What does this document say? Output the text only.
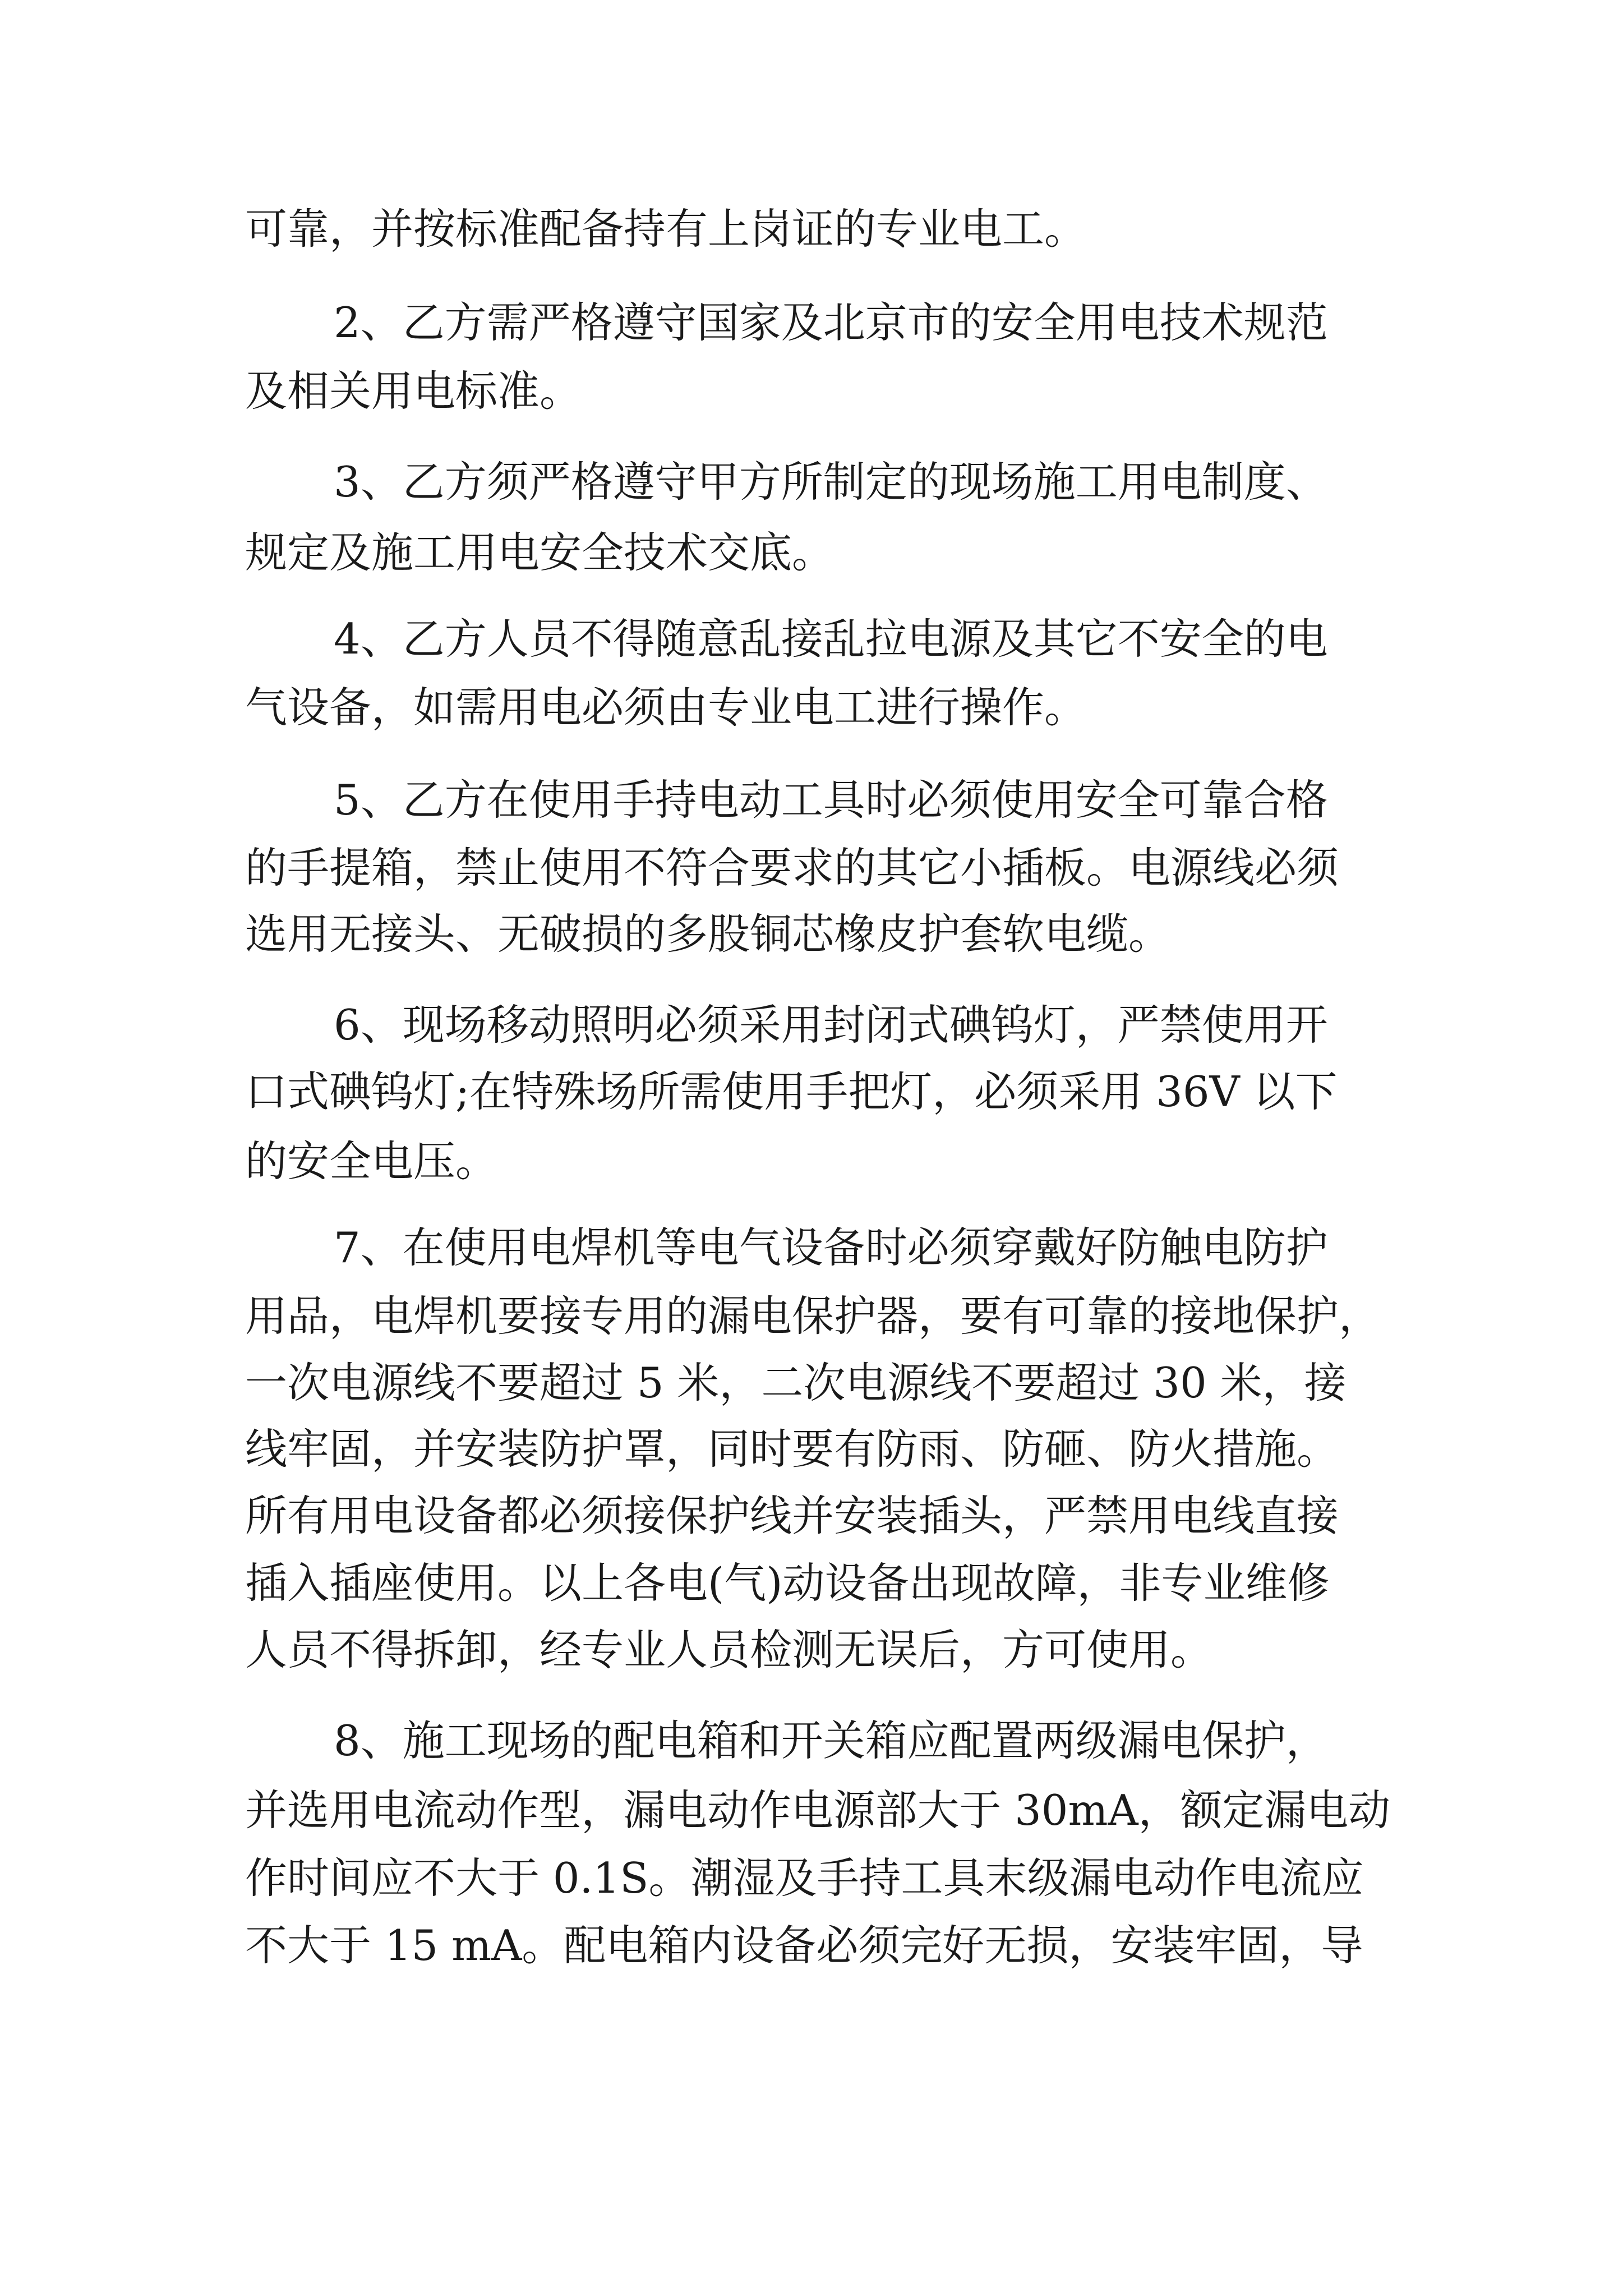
可靠，并按标准配备持有上岗证的专业电工。

2、乙方需严格遵守国家及北京市的安全用电技术规范

及相关用电标准。

3、乙方须严格遵守甲方所制定的现场施工用电制度、

规定及施工用电安全技术交底。

4、乙方人员不得随意乱接乱拉电源及其它不安全的电

气设备，如需用电必须由专业电工进行操作。

5、乙方在使用手持电动工具时必须使用安全可靠合格

的手提箱，禁止使用不符合要求的其它小插板。电源线必须

选用无接头、无破损的多股铜芯橡皮护套软电缆。

6、现场移动照明必须采用封闭式碘钨灯，严禁使用开

口式碘钨灯;在特殊场所需使用手把灯，必须采用 36V 以下

的安全电压。

7、在使用电焊机等电气设备时必须穿戴好防触电防护

用品，电焊机要接专用的漏电保护器，要有可靠的接地保护，

一次电源线不要超过 5 米，二次电源线不要超过 30 米，接

线牢固，并安装防护罩，同时要有防雨、防砸、防火措施。

所有用电设备都必须接保护线并安装插头，严禁用电线直接

插入插座使用。以上各电(气)动设备出现故障，非专业维修

人员不得拆卸，经专业人员检测无误后，方可使用。

8、施工现场的配电箱和开关箱应配置两级漏电保护，

并选用电流动作型，漏电动作电源部大于 30mA，额定漏电动

作时间应不大于 0.1S。潮湿及手持工具末级漏电动作电流应

不大于 15 mA。配电箱内设备必须完好无损，安装牢固，导
